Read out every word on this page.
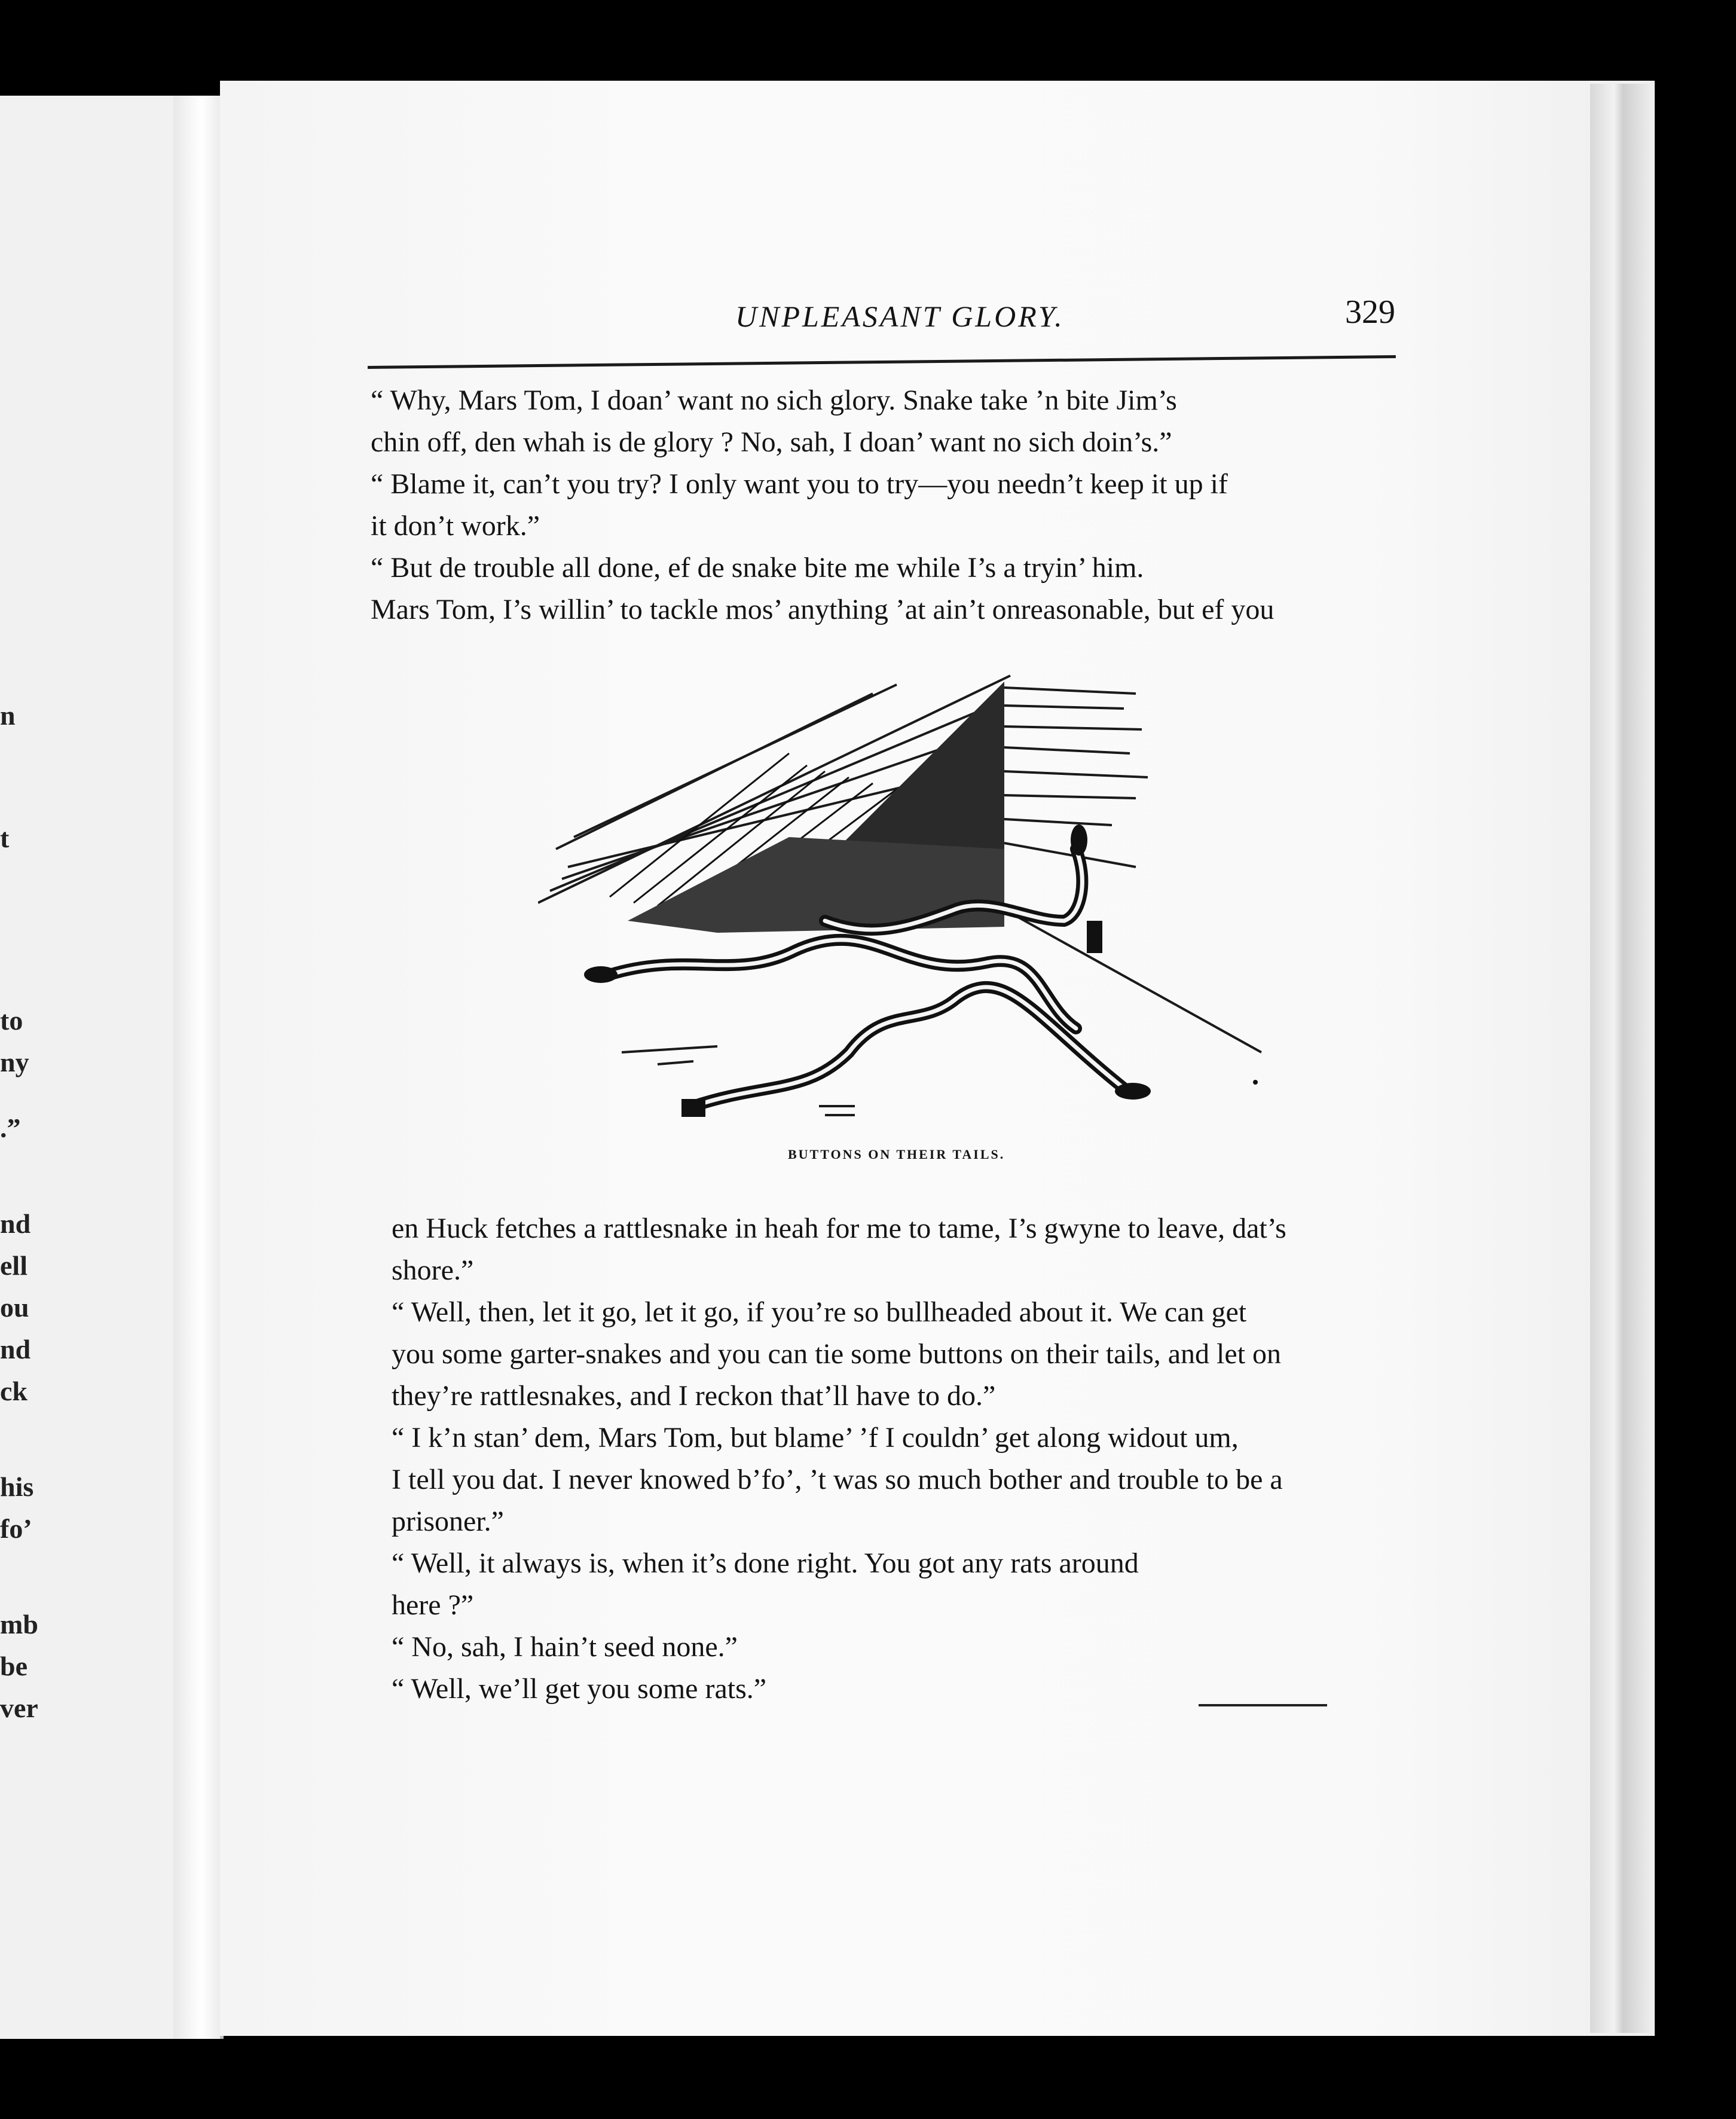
n
t
to
ny
.”
nd
ell
ou
nd
ck
his
fo’
mb
be
ver
UNPLEASANT GLORY.	329

“ Why, Mars Tom, I doan’ want no sich glory. Snake take ’n bite Jim’s

chin off, den whah is de glory ? No, sah, I doan’ want no sich doin’s.”

“ Blame it, can’t you try? I only want you to try—you needn’t keep it up if

it don’t work.”

“ But de trouble all done, ef de snake bite me while I’s a tryin’ him.

Mars Tom, I’s willin’ to tackle mos’ anything ’at ain’t onreasonable, but ef you

BUTTONS ON THEIR TAILS.

en Huck fetches a rattlesnake in heah for me to tame, I’s gwyne to leave, dat’s

shore.”

“ Well, then, let it go, let it go, if you’re so bullheaded about it. We can get

you some garter-snakes and you can tie some buttons on their tails, and let on

they’re rattlesnakes, and I reckon that’ll have to do.”

“ I k’n stan’ dem, Mars Tom, but blame’ ’f I couldn’ get along widout um,

I tell you dat. I never knowed b’fo’, ’t was so much bother and trouble to be a

prisoner.”

“ Well, it always is, when it’s done right. You got any rats around

here ?”

“ No, sah, I hain’t seed none.”

“ Well, we’ll get you some rats.”
